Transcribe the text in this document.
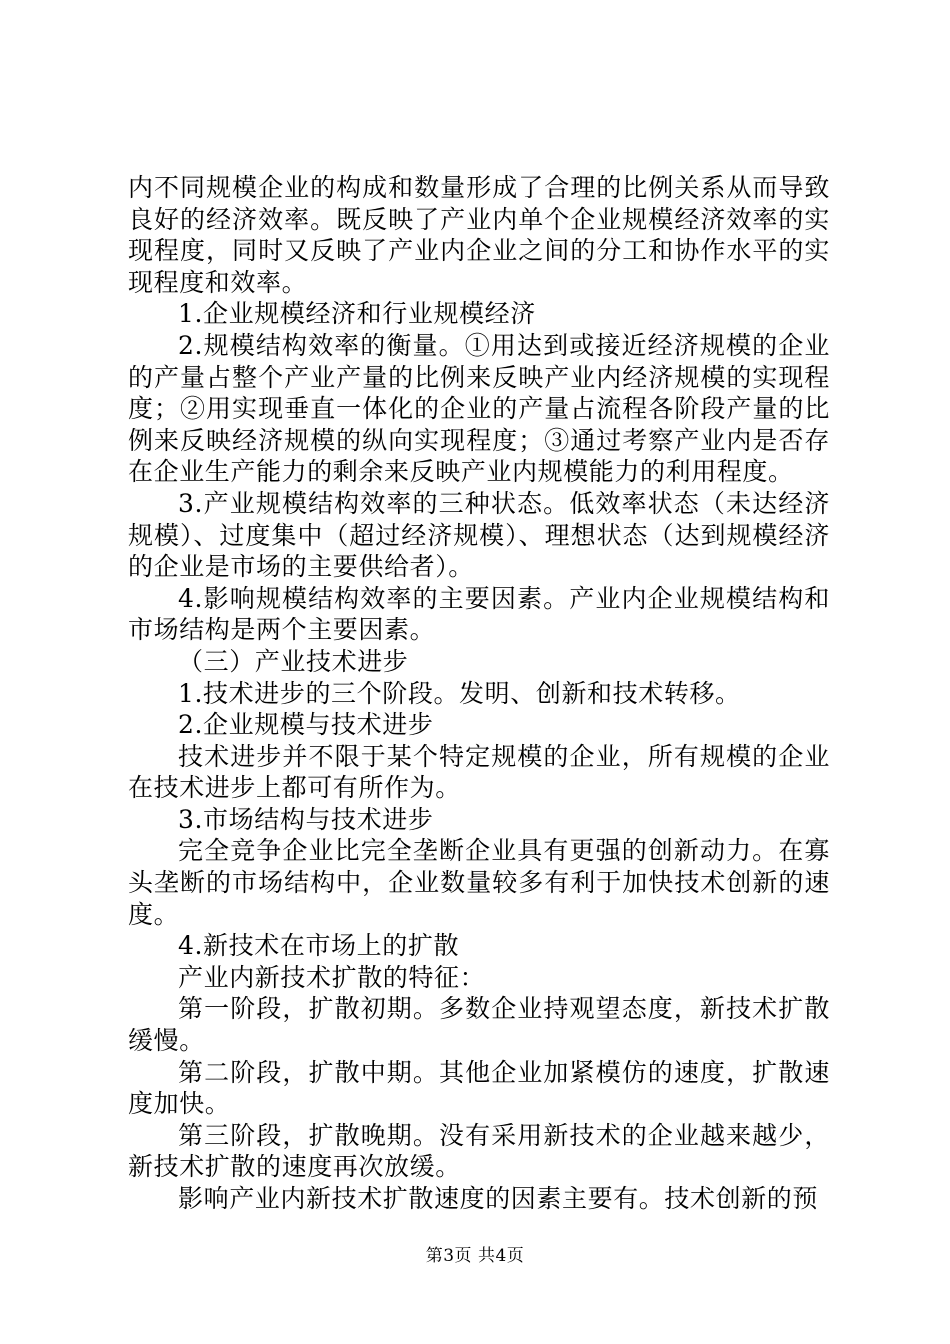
内不同规模企业的构成和数量形成了合理的比例关系从而导致良好的经济效率。既反映了产业内单个企业规模经济效率的实现程度，同时又反映了产业内企业之间的分工和协作水平的实现程度和效率。

1.企业规模经济和行业规模经济

2.规模结构效率的衡量。①用达到或接近经济规模的企业的产量占整个产业产量的比例来反映产业内经济规模的实现程度；②用实现垂直一体化的企业的产量占流程各阶段产量的比例来反映经济规模的纵向实现程度；③通过考察产业内是否存在企业生产能力的剩余来反映产业内规模能力的利用程度。

3.产业规模结构效率的三种状态。低效率状态（未达经济规模）、过度集中（超过经济规模）、理想状态（达到规模经济的企业是市场的主要供给者）。

4.影响规模结构效率的主要因素。产业内企业规模结构和市场结构是两个主要因素。

（三）产业技术进步

1.技术进步的三个阶段。发明、创新和技术转移。

2.企业规模与技术进步

技术进步并不限于某个特定规模的企业，所有规模的企业在技术进步上都可有所作为。

3.市场结构与技术进步

完全竞争企业比完全垄断企业具有更强的创新动力。在寡头垄断的市场结构中，企业数量较多有利于加快技术创新的速度。

4.新技术在市场上的扩散

产业内新技术扩散的特征：

第一阶段，扩散初期。多数企业持观望态度，新技术扩散缓慢。

第二阶段，扩散中期。其他企业加紧模仿的速度，扩散速度加快。

第三阶段，扩散晚期。没有采用新技术的企业越来越少，新技术扩散的速度再次放缓。

影响产业内新技术扩散速度的因素主要有。技术创新的预

第3页 共4页
